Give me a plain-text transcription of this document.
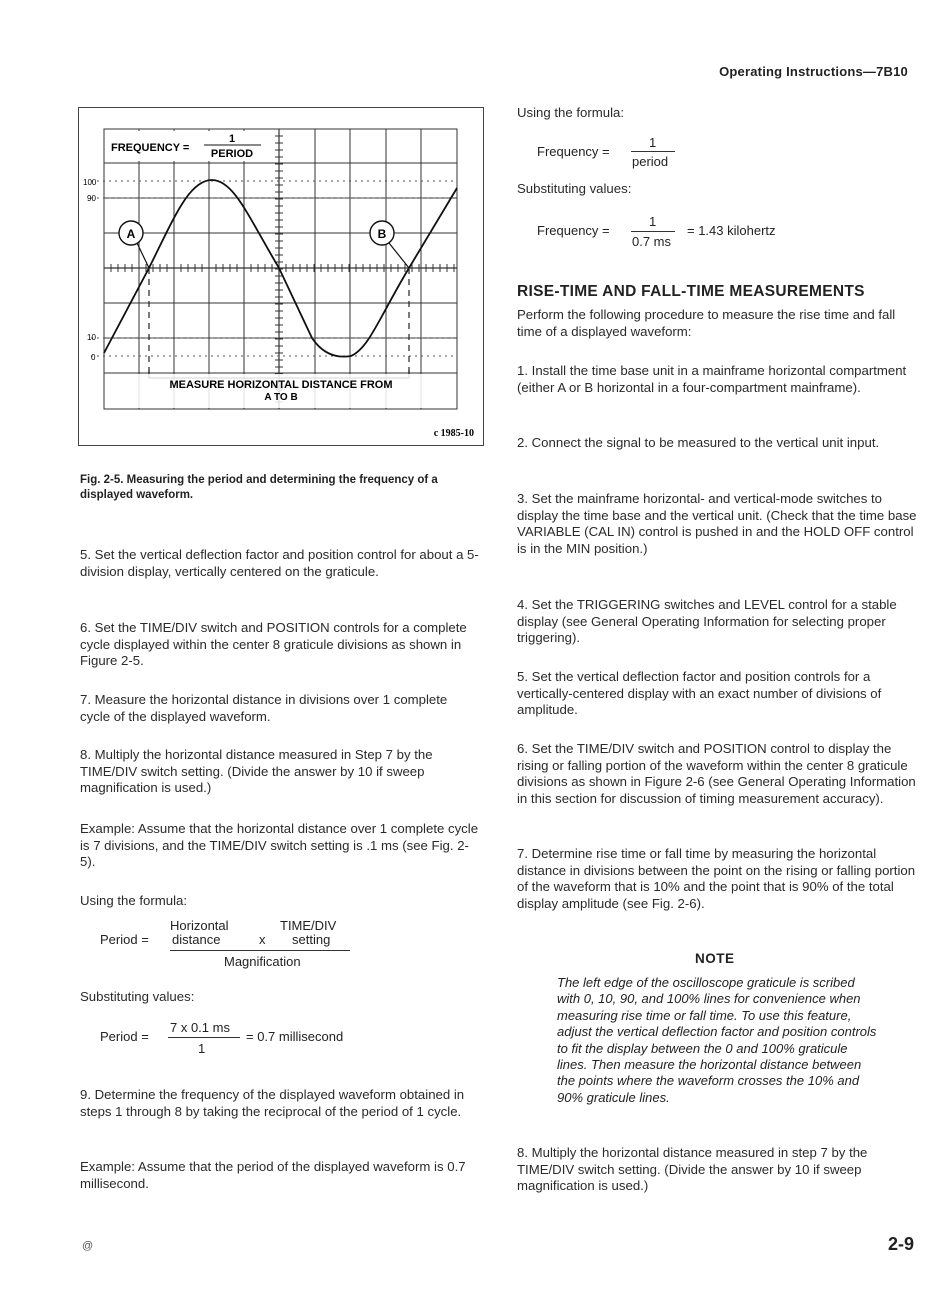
Operating Instructions—7B10
A	B
FREQUENCY =
1
PERIOD
100
90
10
0
MEASURE HORIZONTAL DISTANCE FROM
A TO B
c 1985-10
Fig. 2-5. Measuring the period and determining the frequency of a displayed waveform.
5. Set the vertical deflection factor and position control for about a 5-division display, vertically centered on the graticule.
6. Set the TIME/DIV switch and POSITION controls for a complete cycle displayed within the center 8 graticule divisions as shown in Figure 2-5.
7. Measure the horizontal distance in divisions over 1 complete cycle of the displayed waveform.
8. Multiply the horizontal distance measured in Step 7 by the TIME/DIV switch setting. (Divide the answer by 10 if sweep magnification is used.)
Example: Assume that the horizontal distance over 1 complete cycle is 7 divisions, and the TIME/DIV switch setting is .1 ms (see Fig. 2-5).
Using the formula:
Period =
Horizontal	TIME/DIV
distance	x setting
Magnification
Substituting values:
Period =
7 x 0.1 ms
1
= 0.7 millisecond
9. Determine the frequency of the displayed waveform obtained in steps 1 through 8 by taking the reciprocal of the period of 1 cycle.
Example: Assume that the period of the displayed waveform is 0.7 millisecond.
Using the formula:
Frequency =
1
period
Substituting values:
Frequency =
1
0.7 ms
= 1.43 kilohertz
RISE-TIME AND FALL-TIME MEASUREMENTS
Perform the following procedure to measure the rise time and fall time of a displayed waveform:
1. Install the time base unit in a mainframe horizontal compartment (either A or B horizontal in a four-compartment mainframe).
2. Connect the signal to be measured to the vertical unit input.
3. Set the mainframe horizontal- and vertical-mode switches to display the time base and the vertical unit. (Check that the time base VARIABLE (CAL IN) control is pushed in and the HOLD OFF control is in the MIN position.)
4. Set the TRIGGERING switches and LEVEL control for a stable display (see General Operating Information for selecting proper triggering).
5. Set the vertical deflection factor and position controls for a vertically-centered display with an exact number of divisions of amplitude.
6. Set the TIME/DIV switch and POSITION control to display the rising or falling portion of the waveform within the center 8 graticule divisions as shown in Figure 2-6 (see General Operating Information in this section for discussion of timing measurement accuracy).
7. Determine rise time or fall time by measuring the horizontal distance in divisions between the point on the rising or falling portion of the waveform that is 10% and the point that is 90% of the total display amplitude (see Fig. 2-6).
NOTE
The left edge of the oscilloscope graticule is scribed with 0, 10, 90, and 100% lines for convenience when measuring rise time or fall time. To use this feature, adjust the vertical deflection factor and position controls to fit the display between the 0 and 100% graticule lines. Then measure the horizontal distance between the points where the waveform crosses the 10% and 90% graticule lines.
8. Multiply the horizontal distance measured in step 7 by the TIME/DIV switch setting. (Divide the answer by 10 if sweep magnification is used.)
@	2-9
